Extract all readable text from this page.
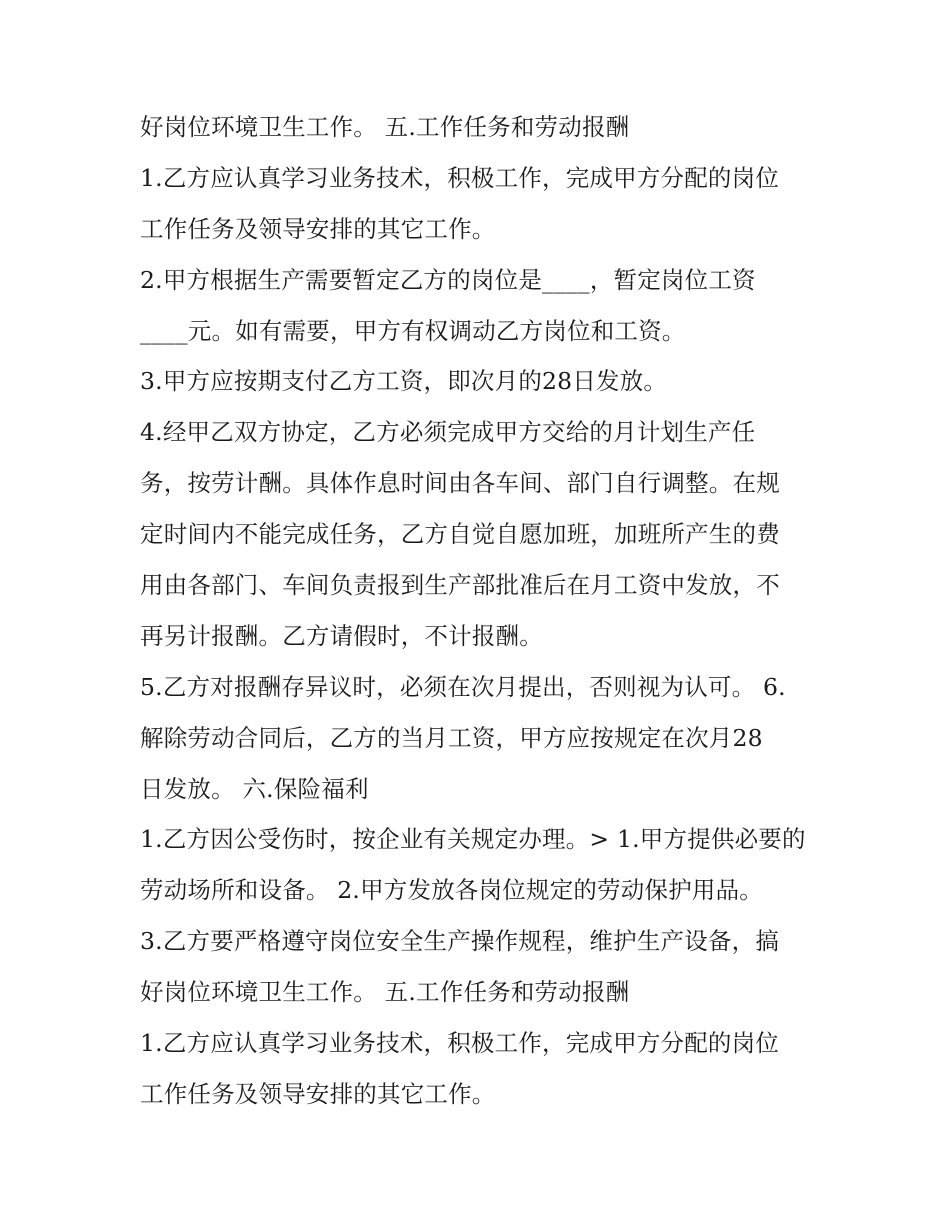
好岗位环境卫生工作。 五.工作任务和劳动报酬
1.乙方应认真学习业务技术，积极工作，完成甲方分配的岗位
工作任务及领导安排的其它工作。
2.甲方根据生产需要暂定乙方的岗位是____，暂定岗位工资
____元。如有需要，甲方有权调动乙方岗位和工资。
3.甲方应按期支付乙方工资，即次月的28日发放。
4.经甲乙双方协定，乙方必须完成甲方交给的月计划生产任
务，按劳计酬。具体作息时间由各车间、部门自行调整。在规
定时间内不能完成任务，乙方自觉自愿加班，加班所产生的费
用由各部门、车间负责报到生产部批准后在月工资中发放，不
再另计报酬。乙方请假时，不计报酬。
5.乙方对报酬存异议时，必须在次月提出，否则视为认可。 6.
解除劳动合同后，乙方的当月工资，甲方应按规定在次月28
日发放。 六.保险福利
1.乙方因公受伤时，按企业有关规定办理。> 1.甲方提供必要的
劳动场所和设备。 2.甲方发放各岗位规定的劳动保护用品。
3.乙方要严格遵守岗位安全生产操作规程，维护生产设备，搞
好岗位环境卫生工作。 五.工作任务和劳动报酬
1.乙方应认真学习业务技术，积极工作，完成甲方分配的岗位
工作任务及领导安排的其它工作。
